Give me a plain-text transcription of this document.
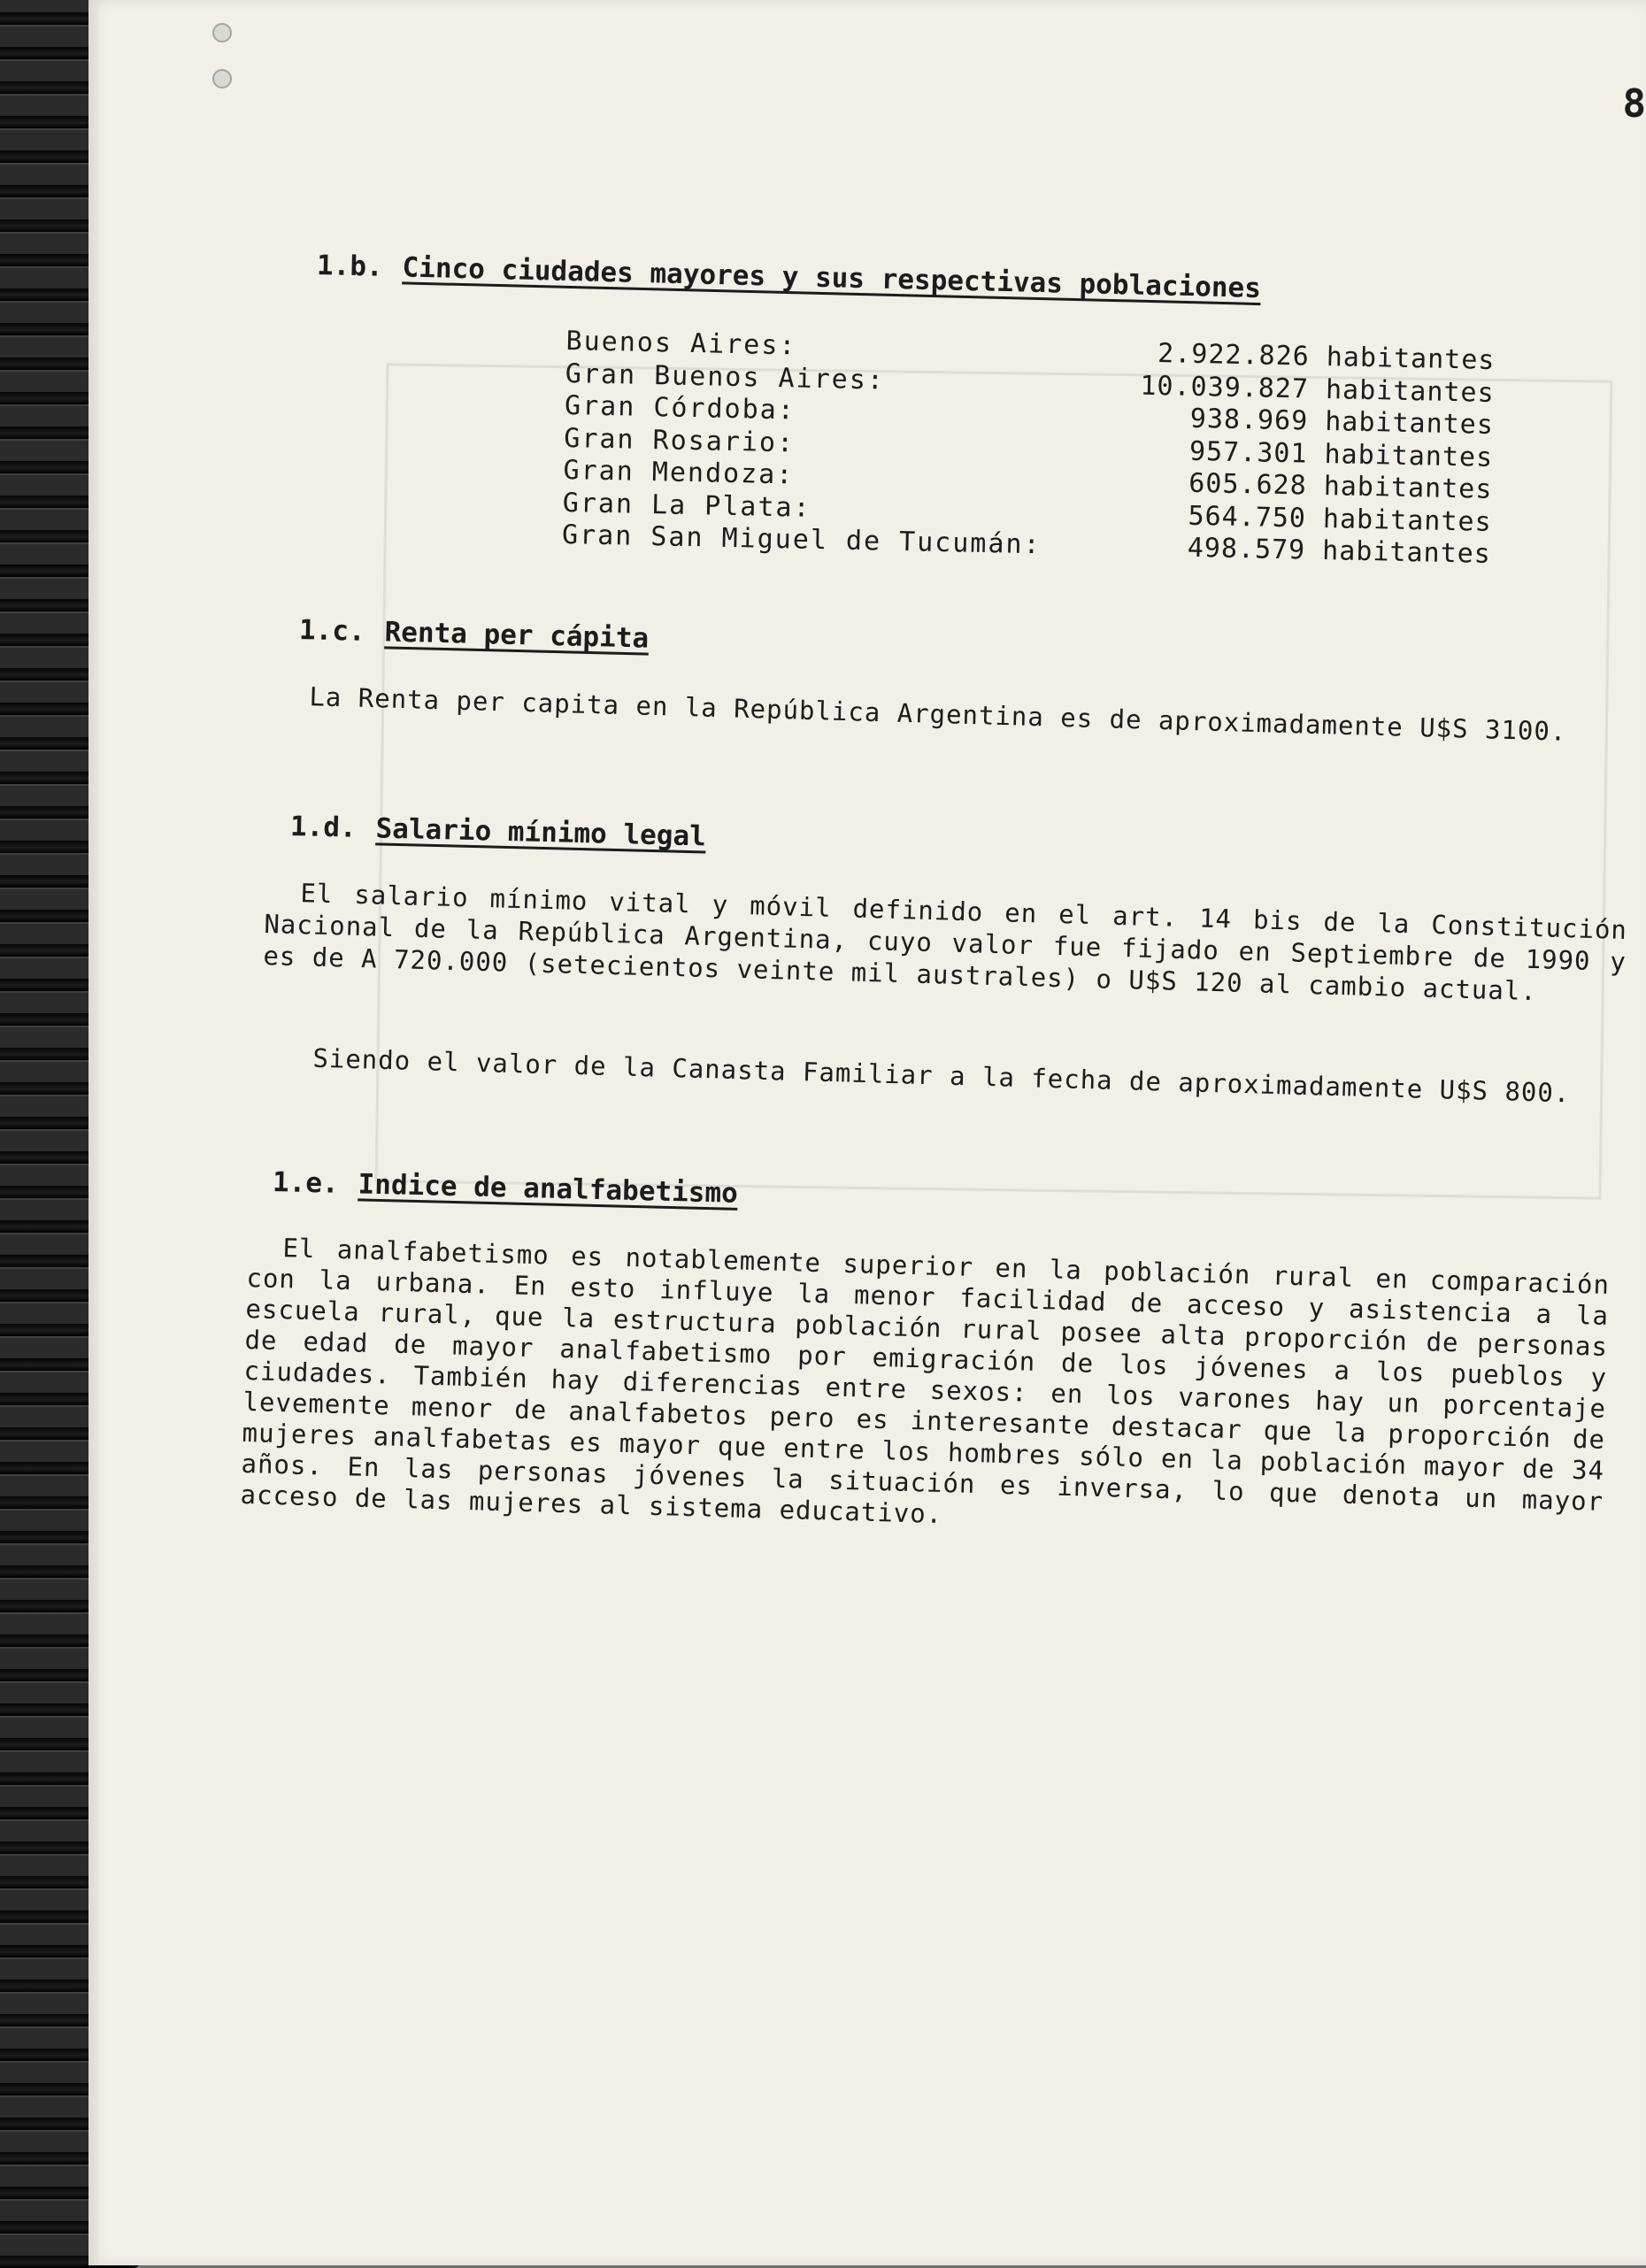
8
1.b. Cinco ciudades mayores y sus respectivas poblaciones
Buenos Aires:	2.922.826 habitantes
Gran Buenos Aires:	10.039.827 habitantes
Gran Córdoba:	938.969 habitantes
Gran Rosario:	957.301 habitantes
Gran Mendoza:	605.628 habitantes
Gran La Plata:	564.750 habitantes
Gran San Miguel de Tucumán:	498.579 habitantes
1.c. Renta per cápita

La Renta per capita en la República Argentina es de aproximadamente U$S 3100.

1.d. Salario mínimo legal

El salario mínimo vital y móvil definido en el art. 14 bis de la Constitución Nacional de la República Argentina, cuyo valor fue fijado en Septiembre de 1990 y es de A 720.000 (setecientos veinte mil australes) o U$S 120 al cambio actual.

Siendo el valor de la Canasta Familiar a la fecha de aproximadamente U$S 800.

1.e. Indice de analfabetismo

El analfabetismo es notablemente superior en la población rural en comparación con la urbana. En esto influye la menor facilidad de acceso y asistencia a la escuela rural, que la estructura población rural posee alta proporción de personas de edad de mayor analfabetismo por emigración de los jóvenes a los pueblos y ciudades. También hay diferencias entre sexos: en los varones hay un porcentaje levemente menor de analfabetos pero es interesante destacar que la proporción de mujeres analfabetas es mayor que entre los hombres sólo en la población mayor de 34 años. En las personas jóvenes la situación es inversa, lo que denota un mayor acceso de las mujeres al sistema educativo.
